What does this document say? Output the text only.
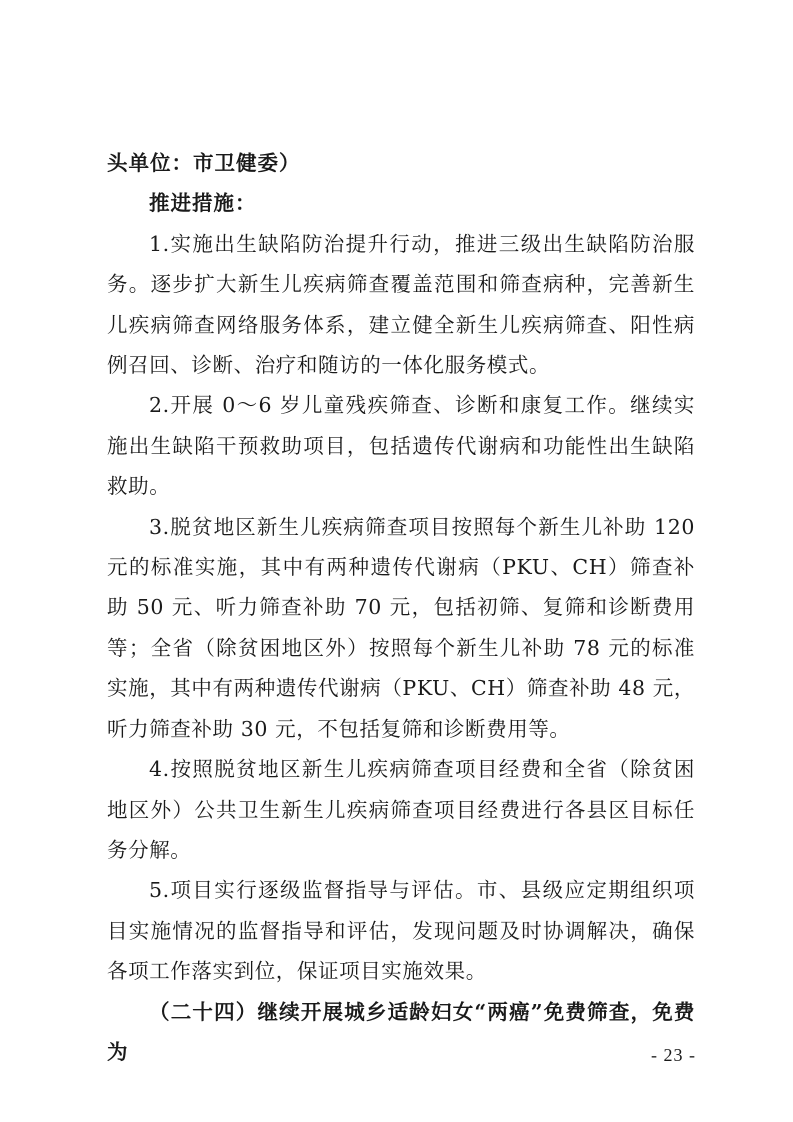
头单位：市卫健委）

推进措施：

1.实施出生缺陷防治提升行动，推进三级出生缺陷防治服务。逐步扩大新生儿疾病筛查覆盖范围和筛查病种，完善新生儿疾病筛查网络服务体系，建立健全新生儿疾病筛查、阳性病例召回、诊断、治疗和随访的一体化服务模式。

2.开展 0～6 岁儿童残疾筛查、诊断和康复工作。继续实施出生缺陷干预救助项目，包括遗传代谢病和功能性出生缺陷救助。

3.脱贫地区新生儿疾病筛查项目按照每个新生儿补助 120 元的标准实施，其中有两种遗传代谢病（PKU、CH）筛查补助 50 元、听力筛查补助 70 元，包括初筛、复筛和诊断费用等；全省（除贫困地区外）按照每个新生儿补助 78 元的标准实施，其中有两种遗传代谢病（PKU、CH）筛查补助 48 元，听力筛查补助 30 元，不包括复筛和诊断费用等。

4.按照脱贫地区新生儿疾病筛查项目经费和全省（除贫困地区外）公共卫生新生儿疾病筛查项目经费进行各县区目标任务分解。

5.项目实行逐级监督指导与评估。市、县级应定期组织项目实施情况的监督指导和评估，发现问题及时协调解决，确保各项工作落实到位，保证项目实施效果。

（二十四）继续开展城乡适龄妇女“两癌”免费筛查，免费为	- 23 -
